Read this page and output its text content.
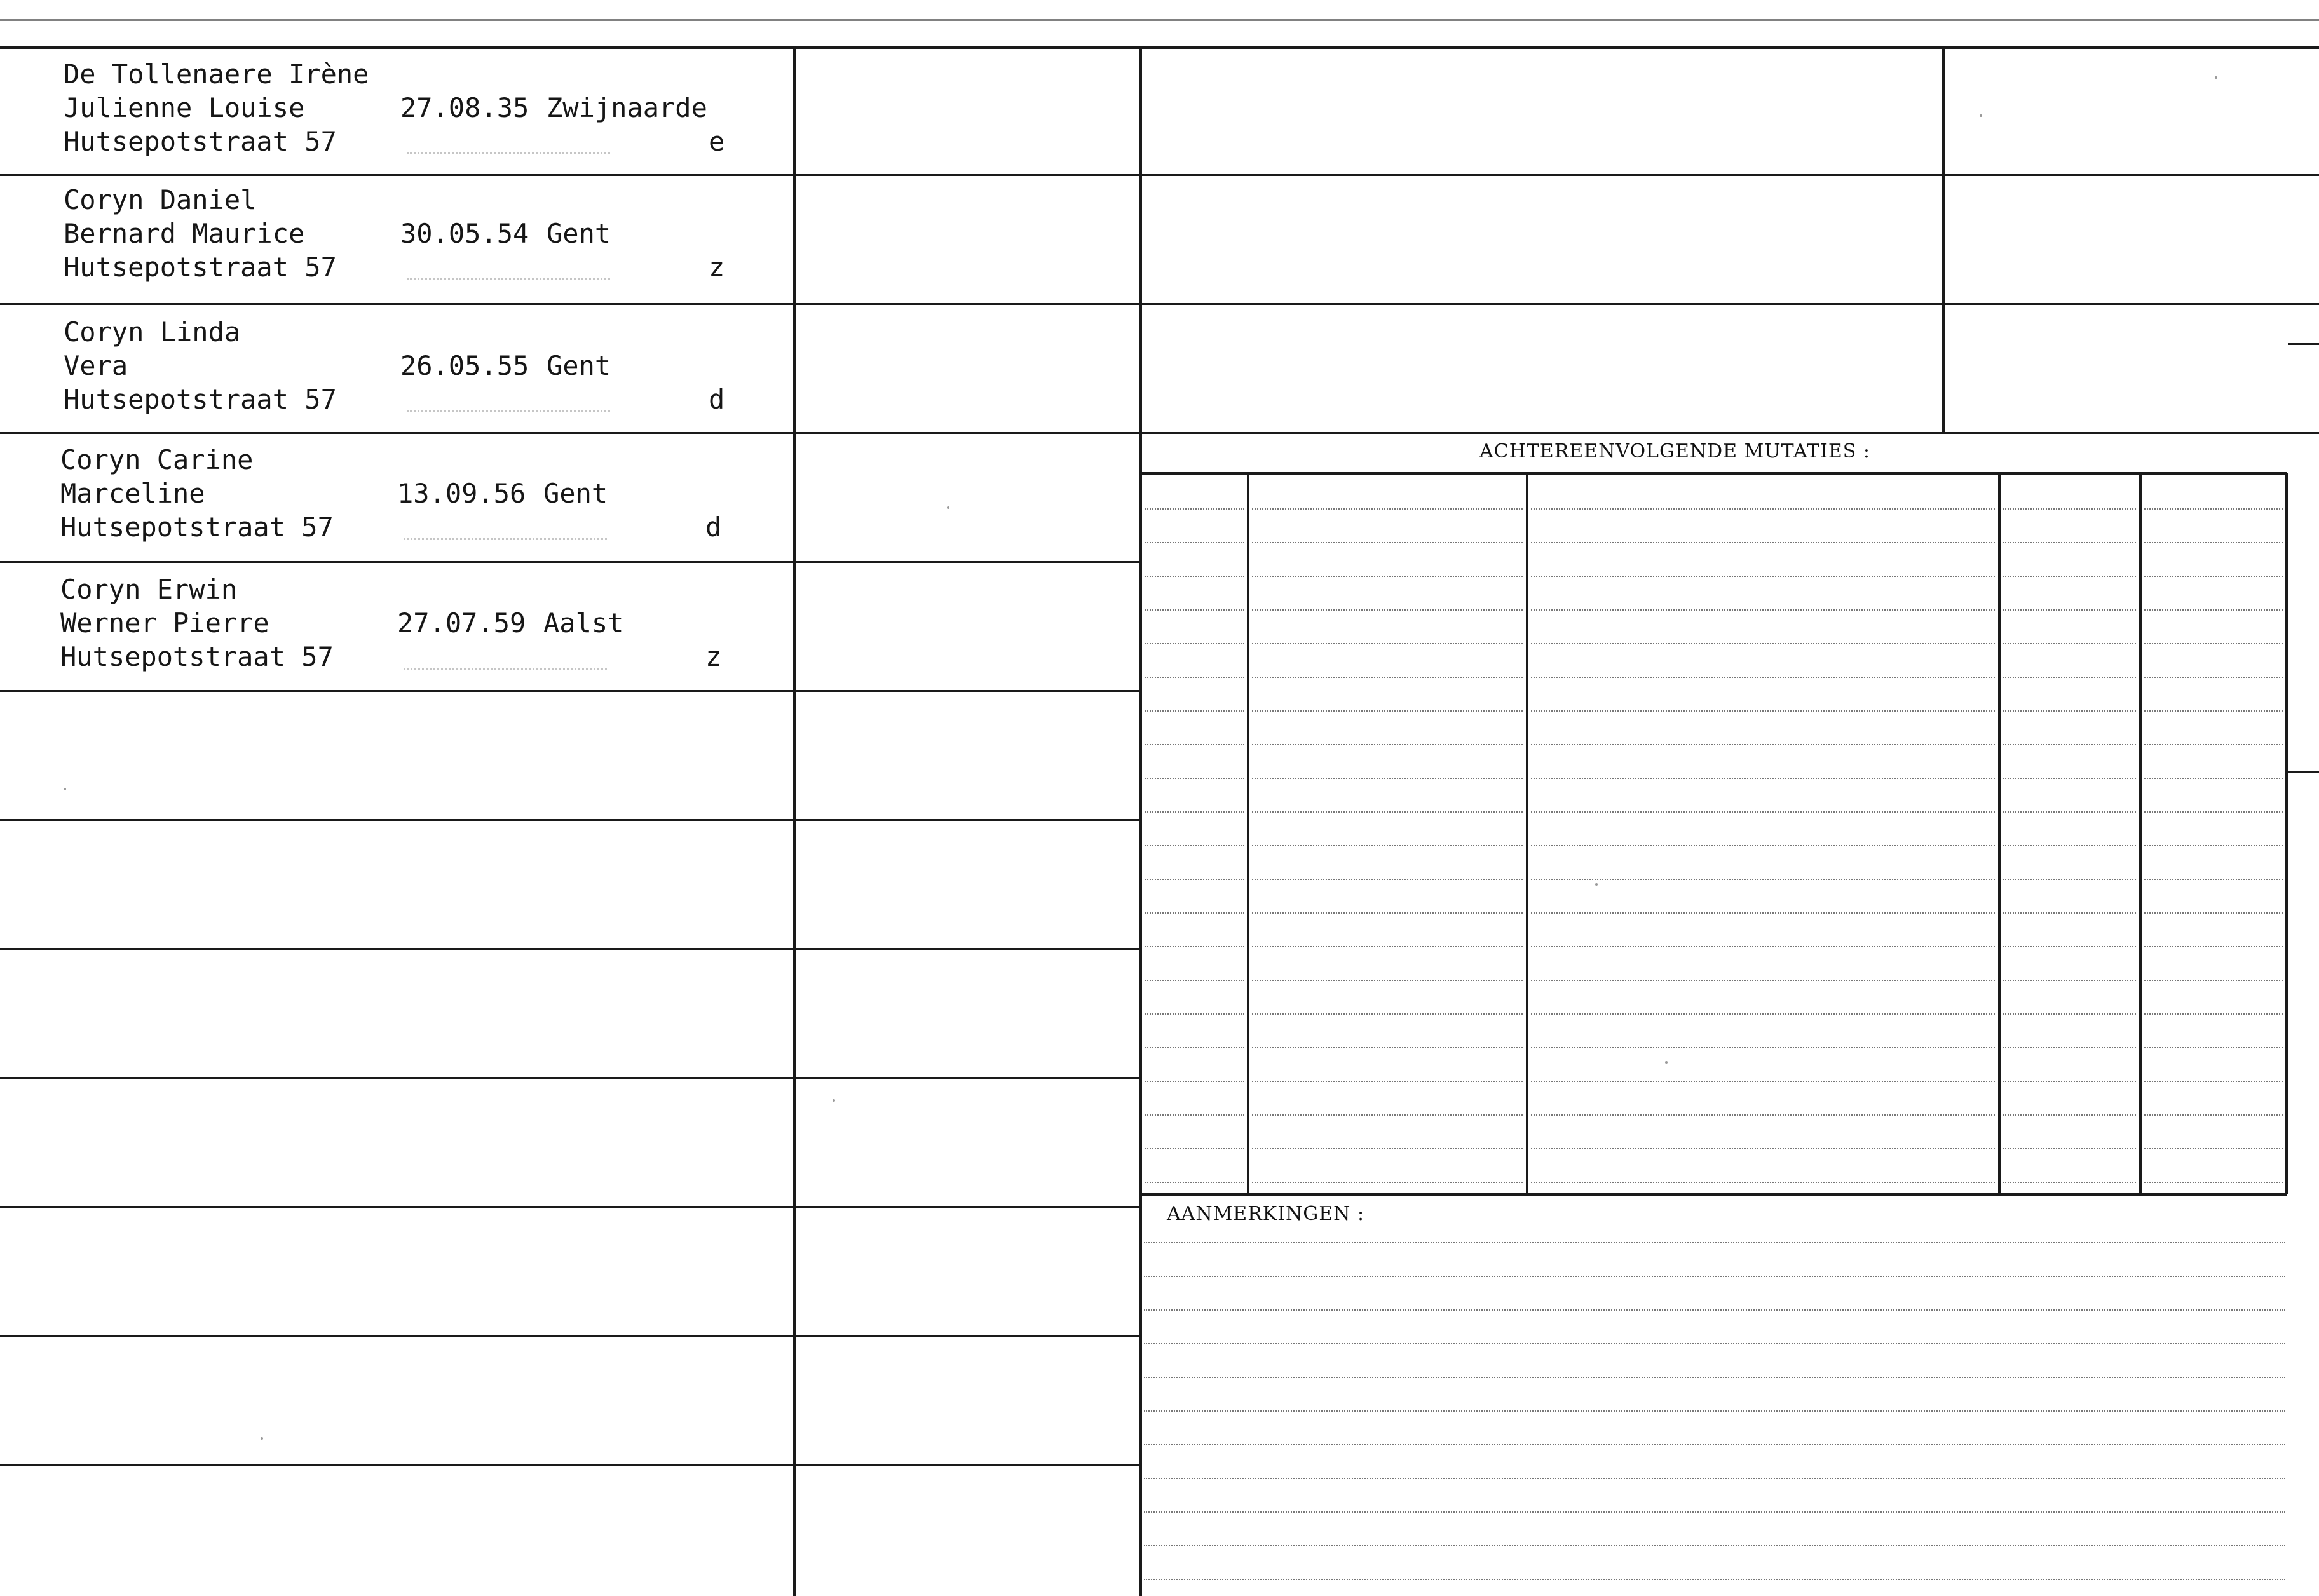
ACHTEREENVOLGENDE MUTATIES :
AANMERKINGEN :
De Tollenaere Irène
Julienne Louise
Hutsepotstraat 57
27.08.35 Zwijnaarde
e
Coryn Daniel
Bernard Maurice
Hutsepotstraat 57
30.05.54 Gent
z
Coryn Linda
Vera
Hutsepotstraat 57
26.05.55 Gent
d
Coryn Carine
Marceline
Hutsepotstraat 57
13.09.56 Gent
d
Coryn Erwin
Werner Pierre
Hutsepotstraat 57
27.07.59 Aalst
z
